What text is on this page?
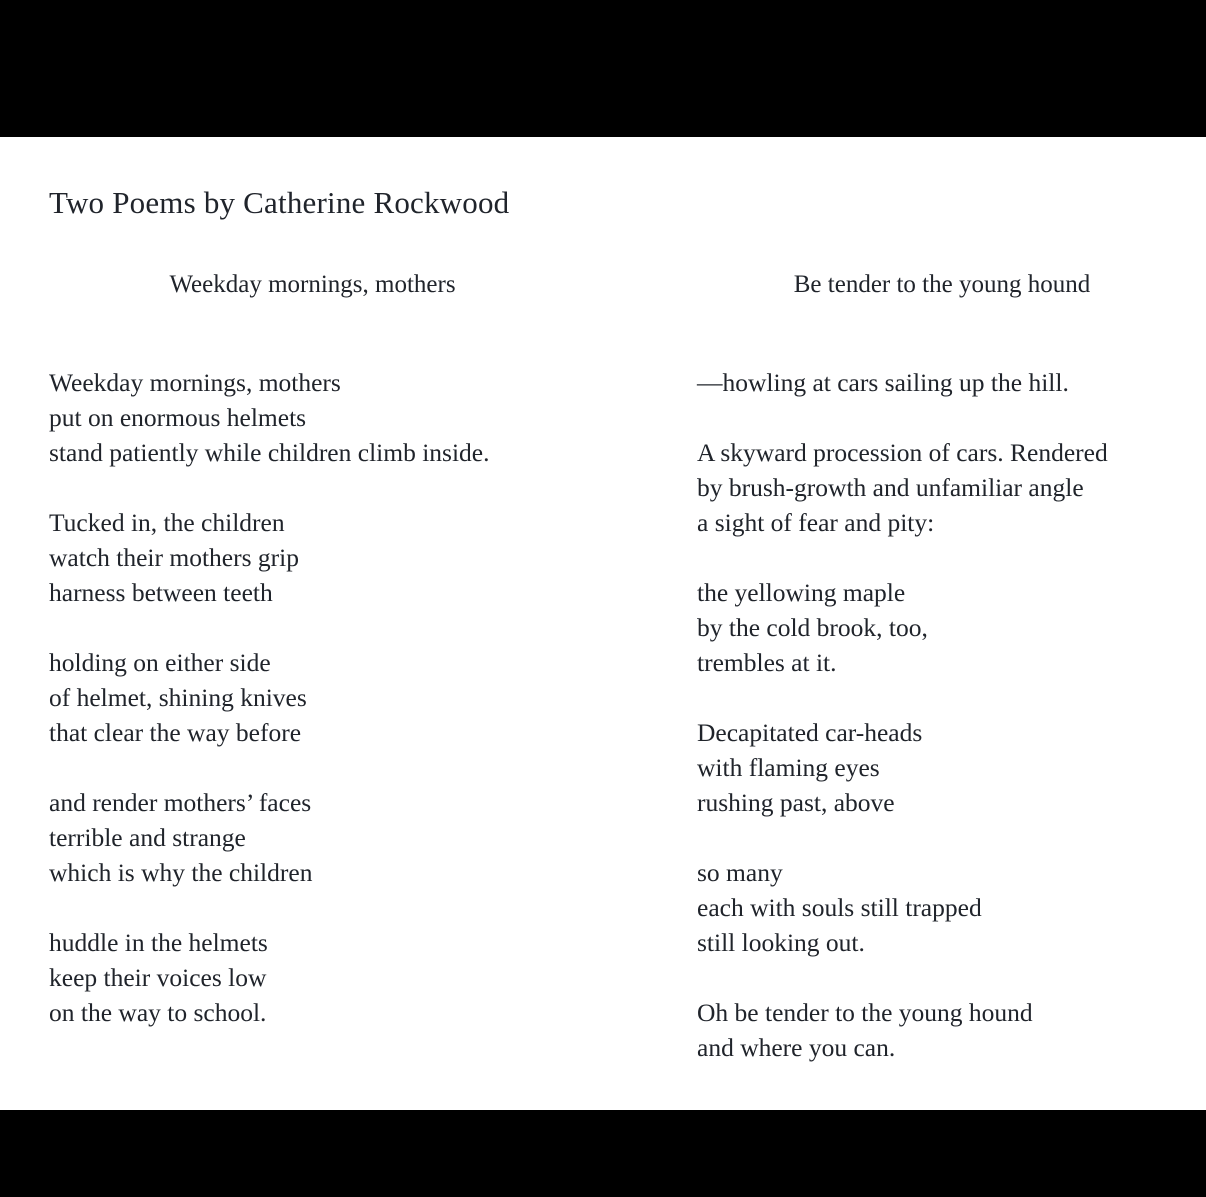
Two Poems by Catherine Rockwood
Weekday mornings, mothers
Weekday mornings, mothers
put on enormous helmets
stand patiently while children climb inside.
Tucked in, the children
watch their mothers grip
harness between teeth
holding on either side
of helmet, shining knives
that clear the way before
and render mothers’ faces
terrible and strange
which is why the children
huddle in the helmets
keep their voices low
on the way to school.
Be tender to the young hound
—howling at cars sailing up the hill.
A skyward procession of cars. Rendered
by brush-growth and unfamiliar angle
a sight of fear and pity:
the yellowing maple
by the cold brook, too,
trembles at it.
Decapitated car-heads
with flaming eyes
rushing past, above
so many
each with souls still trapped
still looking out.
Oh be tender to the young hound
and where you can.
